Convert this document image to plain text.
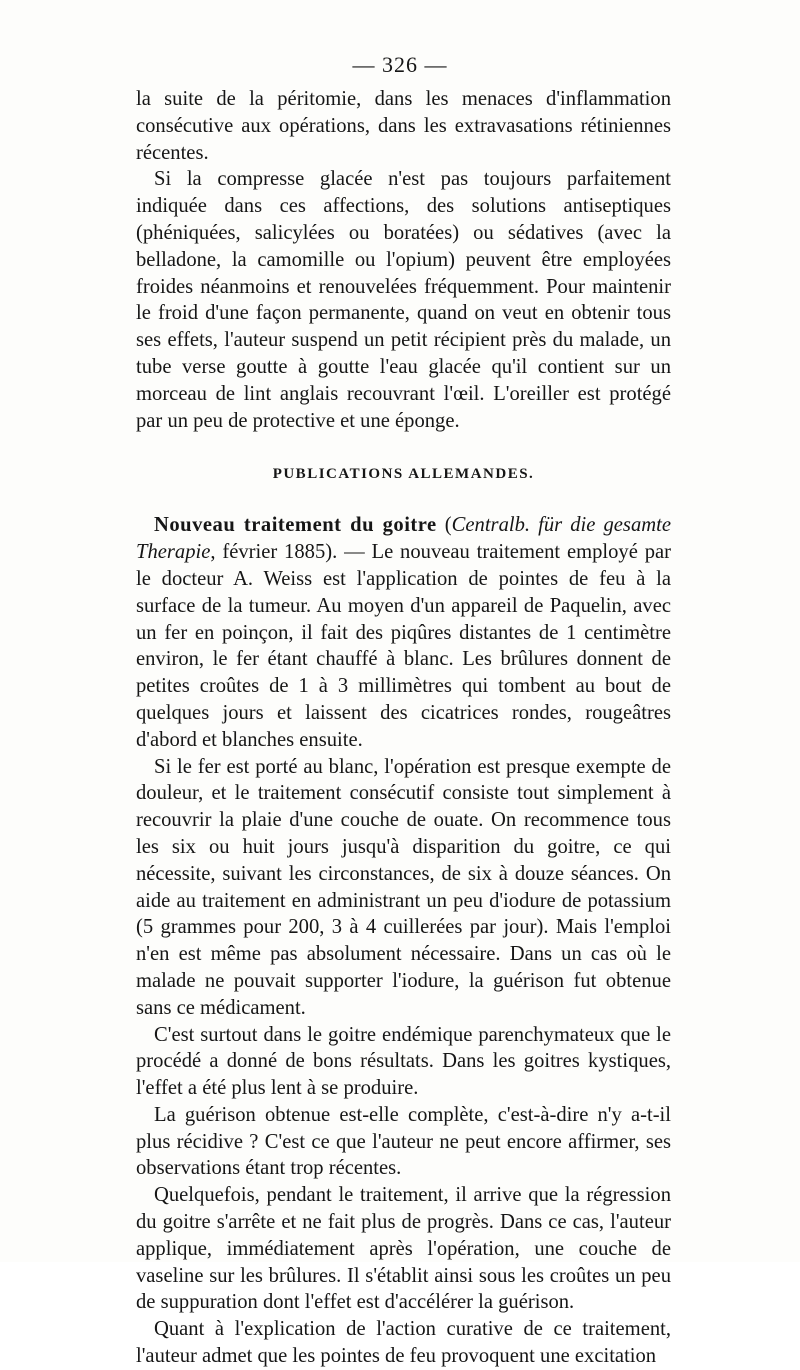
— 326 —

la suite de la péritomie, dans les menaces d'inflammation consécutive aux opérations, dans les extravasations rétiniennes récentes.

Si la compresse glacée n'est pas toujours parfaitement indiquée dans ces affections, des solutions antiseptiques (phéniquées, salicylées ou boratées) ou sédatives (avec la belladone, la camomille ou l'opium) peuvent être employées froides néanmoins et renouvelées fréquemment. Pour maintenir le froid d'une façon permanente, quand on veut en obtenir tous ses effets, l'auteur suspend un petit récipient près du malade, un tube verse goutte à goutte l'eau glacée qu'il contient sur un morceau de lint anglais recouvrant l'œil. L'oreiller est protégé par un peu de protective et une éponge.

PUBLICATIONS ALLEMANDES.

Nouveau traitement du goitre (Centralb. für die gesamte Therapie, février 1885). — Le nouveau traitement employé par le docteur A. Weiss est l'application de pointes de feu à la surface de la tumeur. Au moyen d'un appareil de Paquelin, avec un fer en poinçon, il fait des piqûres distantes de 1 centimètre environ, le fer étant chauffé à blanc. Les brûlures donnent de petites croûtes de 1 à 3 millimètres qui tombent au bout de quelques jours et laissent des cicatrices rondes, rougeâtres d'abord et blanches ensuite.

Si le fer est porté au blanc, l'opération est presque exempte de douleur, et le traitement consécutif consiste tout simplement à recouvrir la plaie d'une couche de ouate. On recommence tous les six ou huit jours jusqu'à disparition du goitre, ce qui nécessite, suivant les circonstances, de six à douze séances. On aide au traitement en administrant un peu d'iodure de potassium (5 grammes pour 200, 3 à 4 cuillerées par jour). Mais l'emploi n'en est même pas absolument nécessaire. Dans un cas où le malade ne pouvait supporter l'iodure, la guérison fut obtenue sans ce médicament.

C'est surtout dans le goitre endémique parenchymateux que le procédé a donné de bons résultats. Dans les goitres kystiques, l'effet a été plus lent à se produire.

La guérison obtenue est-elle complète, c'est-à-dire n'y a-t-il plus récidive ? C'est ce que l'auteur ne peut encore affirmer, ses observations étant trop récentes.

Quelquefois, pendant le traitement, il arrive que la régression du goitre s'arrête et ne fait plus de progrès. Dans ce cas, l'auteur applique, immédiatement après l'opération, une couche de vaseline sur les brûlures. Il s'établit ainsi sous les croûtes un peu de suppuration dont l'effet est d'accélérer la guérison.

Quant à l'explication de l'action curative de ce traitement, l'auteur admet que les pointes de feu provoquent une excitation
